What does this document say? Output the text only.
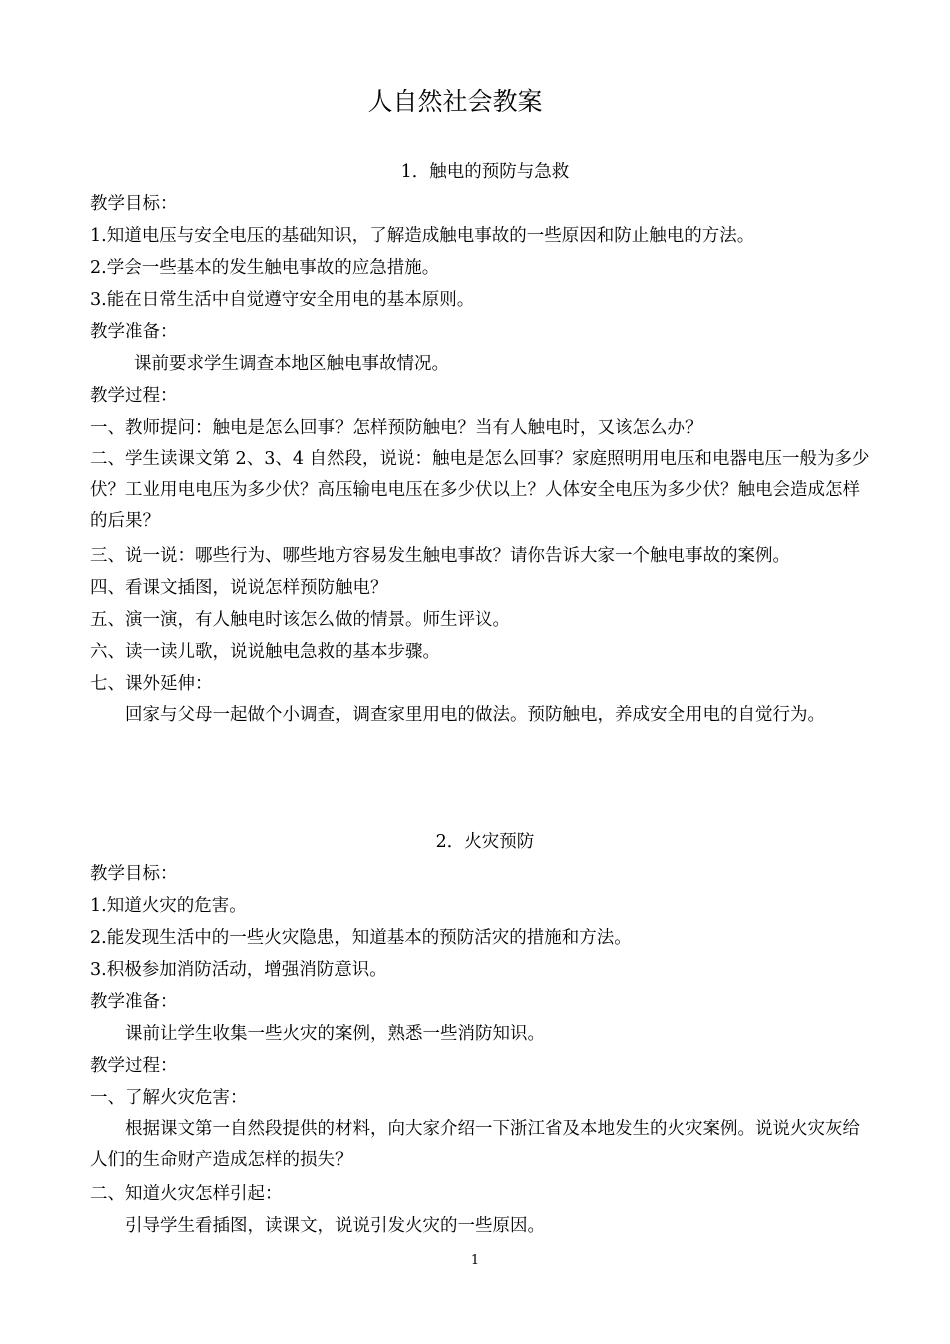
人自然社会教案
1．触电的预防与急救
教学目标：
1.知道电压与安全电压的基础知识，了解造成触电事故的一些原因和防止触电的方法。
2.学会一些基本的发生触电事故的应急措施。
3.能在日常生活中自觉遵守安全用电的基本原则。
教学准备：
课前要求学生调查本地区触电事故情况。
教学过程：
一、教师提问：触电是怎么回事？怎样预防触电？当有人触电时，又该怎么办？
二、学生读课文第 2、3、4 自然段，说说：触电是怎么回事？家庭照明用电压和电器电压一般为多少伏？工业用电电压为多少伏？高压输电电压在多少伏以上？人体安全电压为多少伏？触电会造成怎样的后果？
三、说一说：哪些行为、哪些地方容易发生触电事故？请你告诉大家一个触电事故的案例。
四、看课文插图，说说怎样预防触电？
五、演一演，有人触电时该怎么做的情景。师生评议。
六、读一读儿歌，说说触电急救的基本步骤。
七、课外延伸：
回家与父母一起做个小调查，调查家里用电的做法。预防触电，养成安全用电的自觉行为。
2．火灾预防
教学目标：
1.知道火灾的危害。
2.能发现生活中的一些火灾隐患，知道基本的预防活灾的措施和方法。
3.积极参加消防活动，增强消防意识。
教学准备：
课前让学生收集一些火灾的案例，熟悉一些消防知识。
教学过程：
一、了解火灾危害：
根据课文第一自然段提供的材料，向大家介绍一下浙江省及本地发生的火灾案例。说说火灾灰给人们的生命财产造成怎样的损失？
二、知道火灾怎样引起：
引导学生看插图，读课文，说说引发火灾的一些原因。
1
